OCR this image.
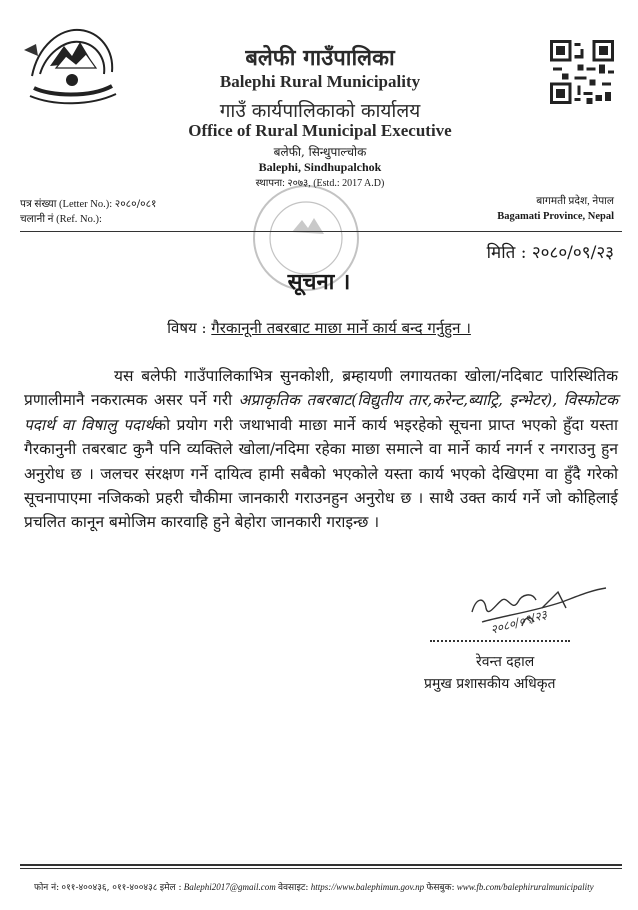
बलेफी गाउँपालिका
Balephi Rural Municipality
गाउँ कार्यपालिकाको कार्यालय
Office of Rural Municipal Executive
बलेफी, सिन्धुपाल्चोक
Balephi, Sindhupalchok
स्थापना: २०७३, (Estd.: 2017 A.D)
पत्र संख्या (Letter No.): २०८०/०८१
चलानी नं (Ref. No.):
बागमती प्रदेश, नेपाल
Bagamati Province, Nepal
मिति : २०८०/०९/२३
सूचना ।
विषय : गैरकानूनी तबरबाट माछा मार्ने कार्य बन्द गर्नुहुन ।

यस बलेफी गाउँपालिकाभित्र सुनकोशी, ब्रम्हायणी लगायतका खोला/नदिबाट पारिस्थितिक प्रणालीमानै नकरात्मक असर पर्ने गरी अप्राकृतिक तबरबाट(विद्युतीय तार,करेन्ट,ब्याट्रि, इन्भेटर), विस्फोटक पदार्थ वा विषालु पदार्थको प्रयोग गरी जथाभावी माछा मार्ने कार्य भइरहेको सूचना प्राप्त भएको हुँदा यस्ता गैरकानुनी तबरबाट कुनै पनि व्यक्तिले खोला/नदिमा रहेका माछा समात्ने वा मार्ने कार्य नगर्न र नगराउनु हुन अनुरोध छ । जलचर संरक्षण गर्ने दायित्व हामी सबैको भएकोले यस्ता कार्य भएको देखिएमा वा हुँदै गरेको सूचनापाएमा नजिकको प्रहरी चौकीमा जानकारी गराउनहुन अनुरोध छ । साथै उक्त कार्य गर्ने जो कोहिलाई प्रचलित कानून बमोजिम कारवाहि हुने बेहोरा जानकारी गराइन्छ ।

२०८०/०९/२३
रेवन्त दहाल
प्रमुख प्रशासकीय अधिकृत
फोन नं: ०११-४००४३६, ०११-४००४३८ इमेल : Balephi2017@gmail.com वेवसाइट: https://www.balephimun.gov.np फेसबुक: www.fb.com/balephiruralmunicipality
